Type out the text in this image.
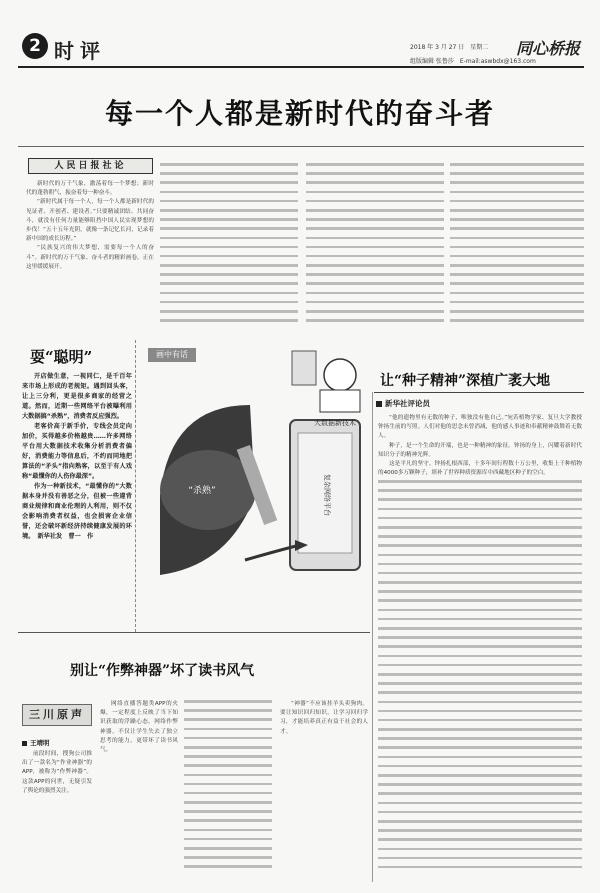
2 时评	2018 年 3 月 27 日　星期二 同心桥报
组版编辑 张鲁莎　E-mail:aswbdx@163.com
每一个人都是新时代的奋斗者
人民日报社论

新时代的万千气象，激荡着每一个梦想；新时代的蓬勃朝气，振奋着每一种奋斗。

“新时代属于每一个人，每一个人都是新时代的见证者、开创者、建设者。”只要精诚团结、共同奋斗，就没有任何力量能够阻挡中国人民实现梦想的步伐！“五十五年光阴，就像一条记忆长河，记录着新中国的成长历程。”

“民族复兴的伟大梦想，需要每一个人的奋斗”。新时代的万千气象、奋斗者的精彩画卷，正在这里缓缓展开。

耍“聪明”

开店做生意，一视同仁，是千百年来市场上形成的老规矩。遇到回头客，让上三分利，更是很多商家的经营之道。然而，近期一些网络平台被曝利用大数据搞“杀熟”，消费者反应强烈。

老客价高于新手价，专线会员定向加价，买得越多价格越贵……许多网络平台用大数据技术收集分析消费者偏好，消费能力等信息后，不约而同地把算法的“矛头”指向熟客，以至于有人戏称“最懂你的人伤你最深”。

作为一种新技术，“最懂你的”大数据本身并没有善恶之分，但被一些違背商业规律和商业伦理的人利用，则不仅会影响消费者权益，也会损害企业信誉，还会破坏新经济持续健康发展的环境。　新华社发　曹一　作

“杀熟”
大数据新技术
复杂网络平台
画中有话
让“种子精神”深植广袤大地
新华社评论员

“他的遗物里有无数的种子，唯独没有他自己。”宛若植物学家、复旦大学教授钟扬生前的写照。人们对他的思念未曾消减，他的感人事迹和奉献精神鼓舞着无数人。

种子，是一个生命的开端，也是一种精神的象征。钟扬的身上，闪耀着新时代知识分子的精神光辉。

这是平凡的坚守。钟扬扎根西部，十多年间行程数十万公里，收集上千种植物的4000多万颗种子，填补了世界种质资源库中西藏地区种子的空白。

别让“作弊神器”坏了读书风气
三川原声
王靖明

前段时间，搜狗公司推出了一款名为“作业神器”的APP，被称为“作弊神器”。这款APP的问世，无疑引发了舆论的强烈关注。

网络直播答题类APP的火爆，一定程度上反映了当下知识获取的浮躁心态。网络作弊神器，不仅让学生失去了独立思考的能力，更带坏了读书风气。

“神器”不应该挂羊头卖狗肉。要让知识回归知识，让学习回归学习，才能培养真正有益于社会的人才。
